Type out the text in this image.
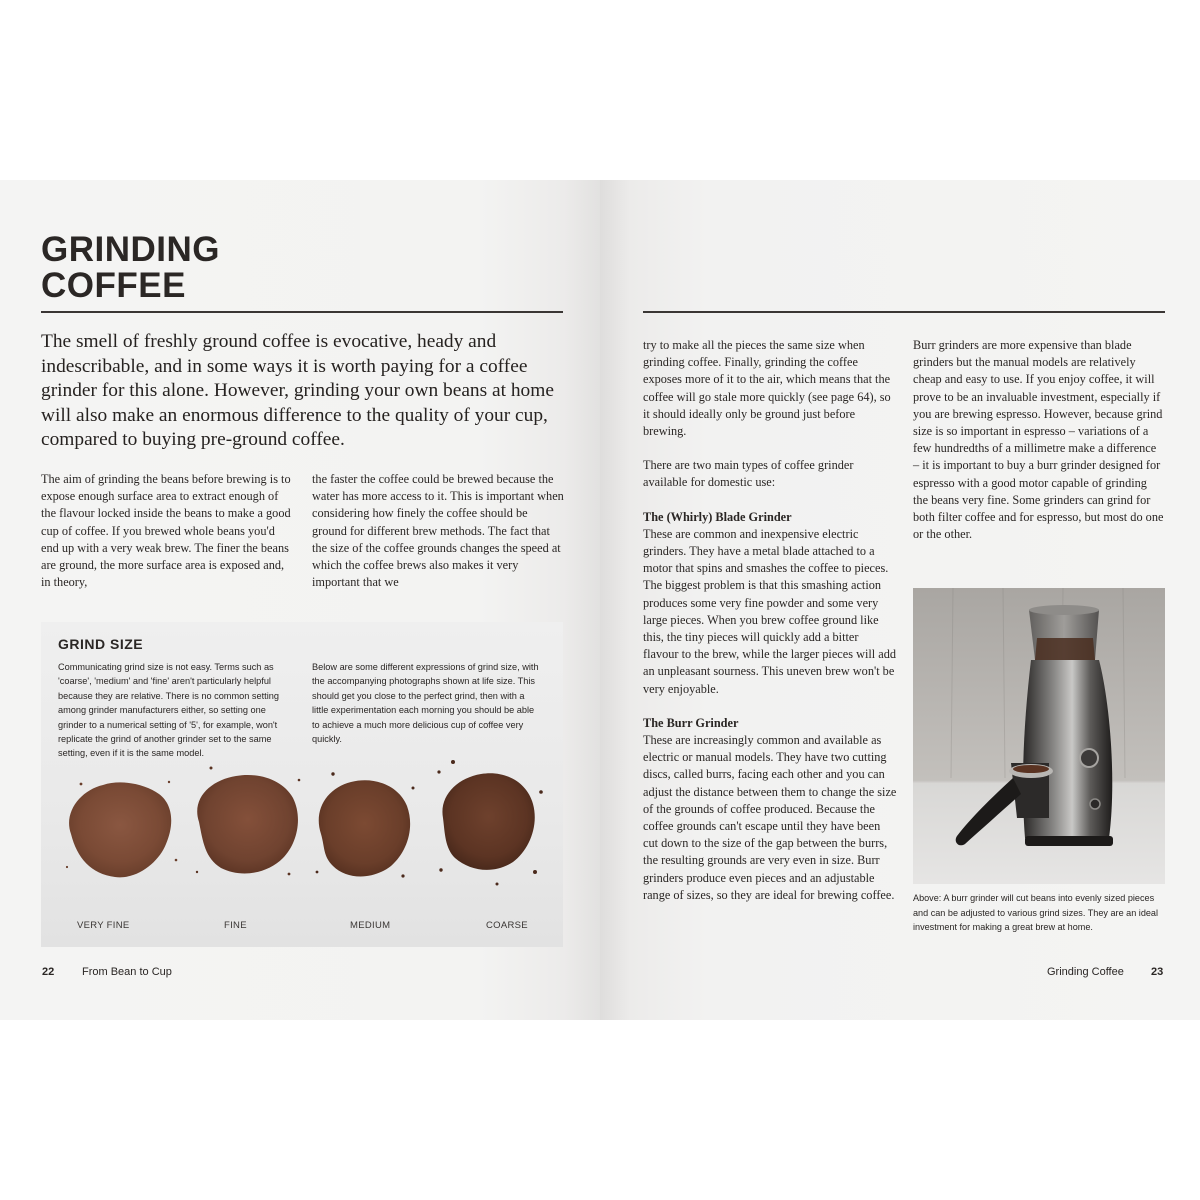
GRINDING
COFFEE

The smell of freshly ground coffee is evocative, heady and indescribable, and in some ways it is worth paying for a coffee grinder for this alone. However, grinding your own beans at home will also make an enormous difference to the quality of your cup, compared to buying pre-ground coffee.

The aim of grinding the beans before brewing is to expose enough surface area to extract enough of the flavour locked inside the beans to make a good cup of coffee. If you brewed whole beans you'd end up with a very weak brew. The finer the beans are ground, the more surface area is exposed and, in theory,

the faster the coffee could be brewed because the water has more access to it. This is important when considering how finely the coffee should be ground for different brew methods. The fact that the size of the coffee grounds changes the speed at which the coffee brews also makes it very important that we

GRIND SIZE

Communicating grind size is not easy. Terms such as 'coarse', 'medium' and 'fine' aren't particularly helpful because they are relative. There is no common setting among grinder manufacturers either, so setting one grinder to a numerical setting of '5', for example, won't replicate the grind of another grinder set to the same setting, even if it is the same model.

Below are some different expressions of grind size, with the accompanying photographs shown at life size. This should get you close to the perfect grind, then with a little experimentation each morning you should be able to achieve a much more delicious cup of coffee very quickly.

VERY FINE	FINE	MEDIUM	COARSE
22	From Bean to Cup

try to make all the pieces the same size when grinding coffee. Finally, grinding the coffee exposes more of it to the air, which means that the coffee will go stale more quickly (see page 64), so it should ideally only be ground just before brewing.

There are two main types of coffee grinder available for domestic use:

The (Whirly) Blade Grinder

These are common and inexpensive electric grinders. They have a metal blade attached to a motor that spins and smashes the coffee to pieces. The biggest problem is that this smashing action produces some very fine powder and some very large pieces. When you brew coffee ground like this, the tiny pieces will quickly add a bitter flavour to the brew, while the larger pieces will add an unpleasant sourness. This uneven brew won't be very enjoyable.

The Burr Grinder

These are increasingly common and available as electric or manual models. They have two cutting discs, called burrs, facing each other and you can adjust the distance between them to change the size of the grounds of coffee produced. Because the coffee grounds can't escape until they have been cut down to the size of the gap between the burrs, the resulting grounds are very even in size. Burr grinders produce even pieces and an adjustable range of sizes, so they are ideal for brewing coffee.

Burr grinders are more expensive than blade grinders but the manual models are relatively cheap and easy to use. If you enjoy coffee, it will prove to be an invaluable investment, especially if you are brewing espresso. However, because grind size is so important in espresso – variations of a few hundredths of a millimetre make a difference – it is important to buy a burr grinder designed for espresso with a good motor capable of grinding the beans very fine. Some grinders can grind for both filter coffee and for espresso, but most do one or the other.

Above: A burr grinder will cut beans into evenly sized pieces and can be adjusted to various grind sizes. They are an ideal investment for making a great brew at home.

Grinding Coffee 23
